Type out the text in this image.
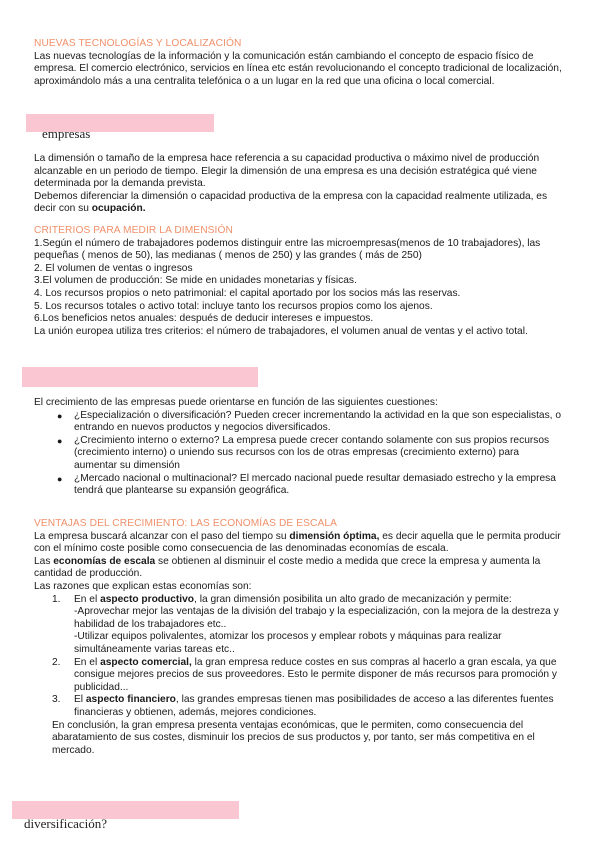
NUEVAS TECNOLOGÍAS Y LOCALIZACIÓN

Las nuevas tecnologías de la información y la comunicación están cambiando el concepto de espacio físico de empresa. El comercio electrónico, servicios en línea etc están revolucionando el concepto tradicional de localización, aproximándolo más a una centralita telefónica o a un lugar en la red que una oficina o local comercial.

empresas

La dimensión o tamaño de la empresa hace referencia a su capacidad productiva o máximo nivel de producción alcanzable en un periodo de tiempo. Elegir la dimensión de una empresa es una decisión estratégica qué viene determinada por la demanda prevista.

Debemos diferenciar la dimensión o capacidad productiva de la empresa con la capacidad realmente utilizada, es decir con su ocupación.

CRITERIOS PARA MEDIR LA DIMENSIÓN

1.Según el número de trabajadores podemos distinguir entre las microempresas(menos de 10 trabajadores), las pequeñas ( menos de 50), las medianas ( menos de 250) y las grandes ( más de 250)

2. El volumen de ventas o ingresos

3.El volumen de producción: Se mide en unidades monetarias y físicas.

4. Los recursos propios o neto patrimonial: el capital aportado por los socios más las reservas.

5. Los recursos totales o activo total: incluye tanto los recursos propios como los ajenos.

6.Los beneficios netos anuales: después de deducir intereses e impuestos.

La unión europea utiliza tres criterios: el número de trabajadores, el volumen anual de ventas y el activo total.

El crecimiento de las empresas puede orientarse en función de las siguientes cuestiones:

● ¿Especialización o diversificación? Pueden crecer incrementando la actividad en la que son especialistas, o entrando en nuevos productos y negocios diversificados.
● ¿Crecimiento interno o externo? La empresa puede crecer contando solamente con sus propios recursos (crecimiento interno) o uniendo sus recursos con los de otras empresas (crecimiento externo) para aumentar su dimensión
● ¿Mercado nacional o multinacional? El mercado nacional puede resultar demasiado estrecho y la empresa tendrá que plantearse su expansión geográfica.

VENTAJAS DEL CRECIMIENTO: LAS ECONOMÍAS DE ESCALA

La empresa buscará alcanzar con el paso del tiempo su dimensión óptima, es decir aquella que le permita producir con el mínimo coste posible como consecuencia de las denominadas economías de escala.

Las economías de escala se obtienen al disminuir el coste medio a medida que crece la empresa y aumenta la cantidad de producción.

Las razones que explican estas economías son:

1. En el aspecto productivo, la gran dimensión posibilita un alto grado de mecanización y permite:
-Aprovechar mejor las ventajas de la división del trabajo y la especialización, con la mejora de la destreza y habilidad de los trabajadores etc..
-Utilizar equipos polivalentes, atomizar los procesos y emplear robots y máquinas para realizar simultáneamente varias tareas etc..
2. En el aspecto comercial, la gran empresa reduce costes en sus compras al hacerlo a gran escala, ya que consigue mejores precios de sus proveedores. Esto le permite disponer de más recursos para promoción y publicidad...
3. El aspecto financiero, las grandes empresas tienen mas posibilidades de acceso a las diferentes fuentes financieras y obtienen, además, mejores condiciones.

En conclusión, la gran empresa presenta ventajas económicas, que le permiten, como consecuencia del abaratamiento de sus costes, disminuir los precios de sus productos y, por tanto, ser más competitiva en el mercado.

diversificación?
